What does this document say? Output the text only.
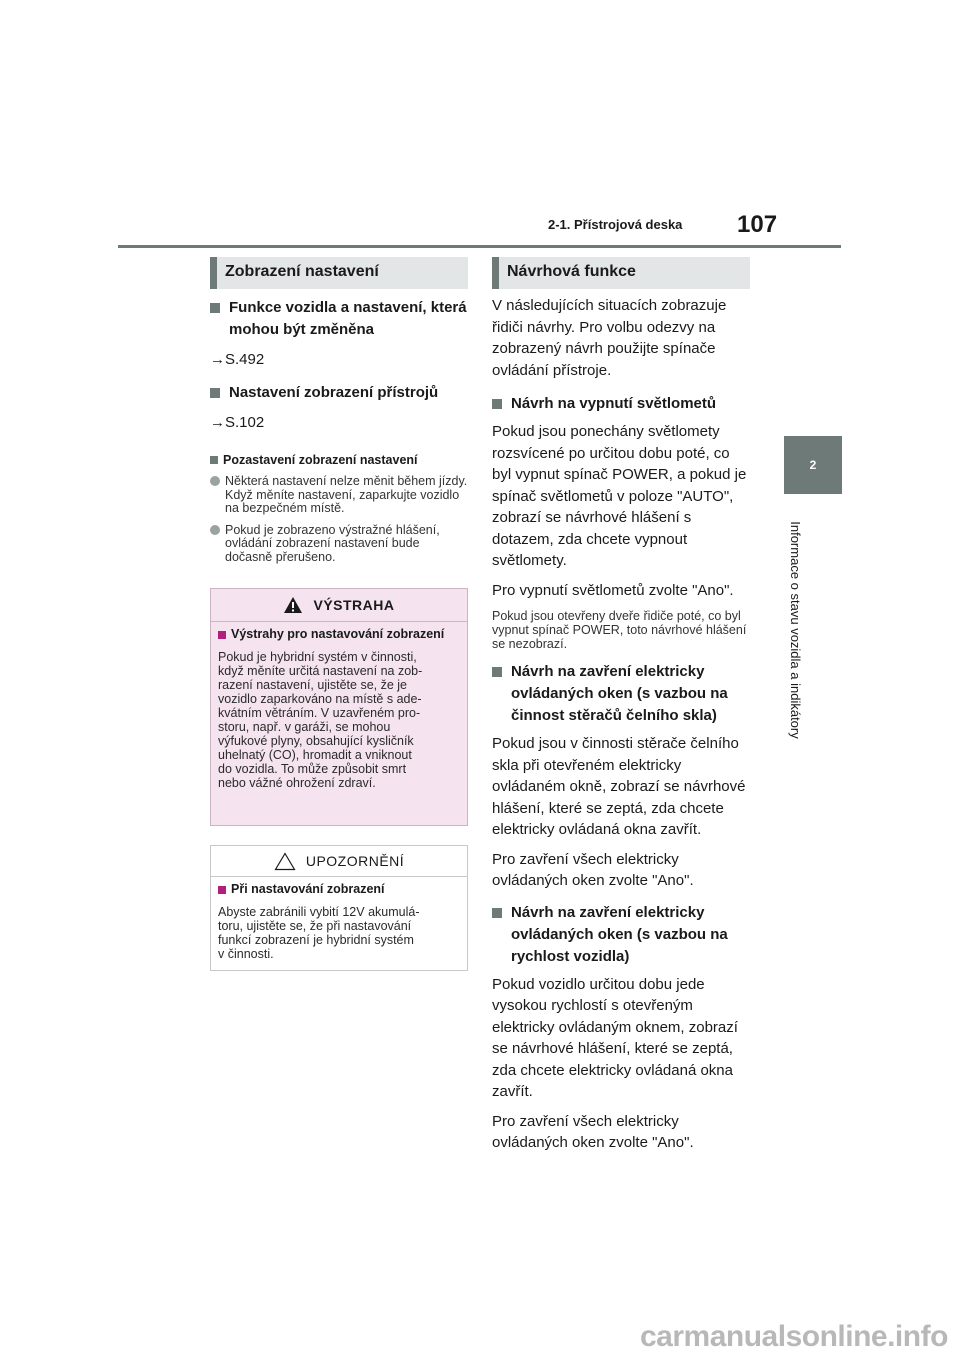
2-1. Přístrojová deska 107
2
Informace o stavu vozidla a indikátory
Zobrazení nastavení	Návrhová funkce
Funkce vozidla a nastavení, která mohou být změněna
→S.492
Nastavení zobrazení přístrojů
→S.102
Pozastavení zobrazení nastavení
Některá nastavení nelze měnit během jízdy. Když měníte nastavení, zaparkujte vozidlo na bezpečném místě.
Pokud je zobrazeno výstražné hlášení, ovládání zobrazení nastavení bude dočasně přerušeno.
VÝSTRAHA
Výstrahy pro nastavování zobrazení
Pokud je hybridní systém v činnosti,
když měníte určitá nastavení na zob-
razení nastavení, ujistěte se, že je
vozidlo zaparkováno na místě s ade-
kvátním větráním. V uzavřeném pro-
storu, např. v garáži, se mohou
výfukové plyny, obsahující kysličník
uhelnatý (CO), hromadit a vniknout
do vozidla. To může způsobit smrt
nebo vážné ohrožení zdraví.
UPOZORNĚNÍ
Při nastavování zobrazení
Abyste zabránili vybití 12V akumulá-
toru, ujistěte se, že při nastavování
funkcí zobrazení je hybridní systém
v činnosti.

V následujících situacích zobrazuje řidiči návrhy. Pro volbu odezvy na zobrazený návrh použijte spínače ovládání přístroje.

Návrh na vypnutí světlometů

Pokud jsou ponechány světlomety rozsvícené po určitou dobu poté, co byl vypnut spínač POWER, a pokud je spínač světlometů v poloze "AUTO", zobrazí se návrhové hlášení s dotazem, zda chcete vypnout světlomety.

Pro vypnutí světlometů zvolte "Ano".

Pokud jsou otevřeny dveře řidiče poté, co byl vypnut spínač POWER, toto návrhové hlášení se nezobrazí.

Návrh na zavření elektricky ovládaných oken (s vazbou na činnost stěračů čelního skla)

Pokud jsou v činnosti stěrače čelního skla při otevřeném elektricky ovládaném okně, zobrazí se návrhové hlášení, které se zeptá, zda chcete elektricky ovládaná okna zavřít.

Pro zavření všech elektricky ovládaných oken zvolte "Ano".

Návrh na zavření elektricky ovládaných oken (s vazbou na rychlost vozidla)

Pokud vozidlo určitou dobu jede vysokou rychlostí s otevřeným elektricky ovládaným oknem, zobrazí se návrhové hlášení, které se zeptá, zda chcete elektricky ovládaná okna zavřít.

Pro zavření všech elektricky ovládaných oken zvolte "Ano".

carmanualsonline.info
